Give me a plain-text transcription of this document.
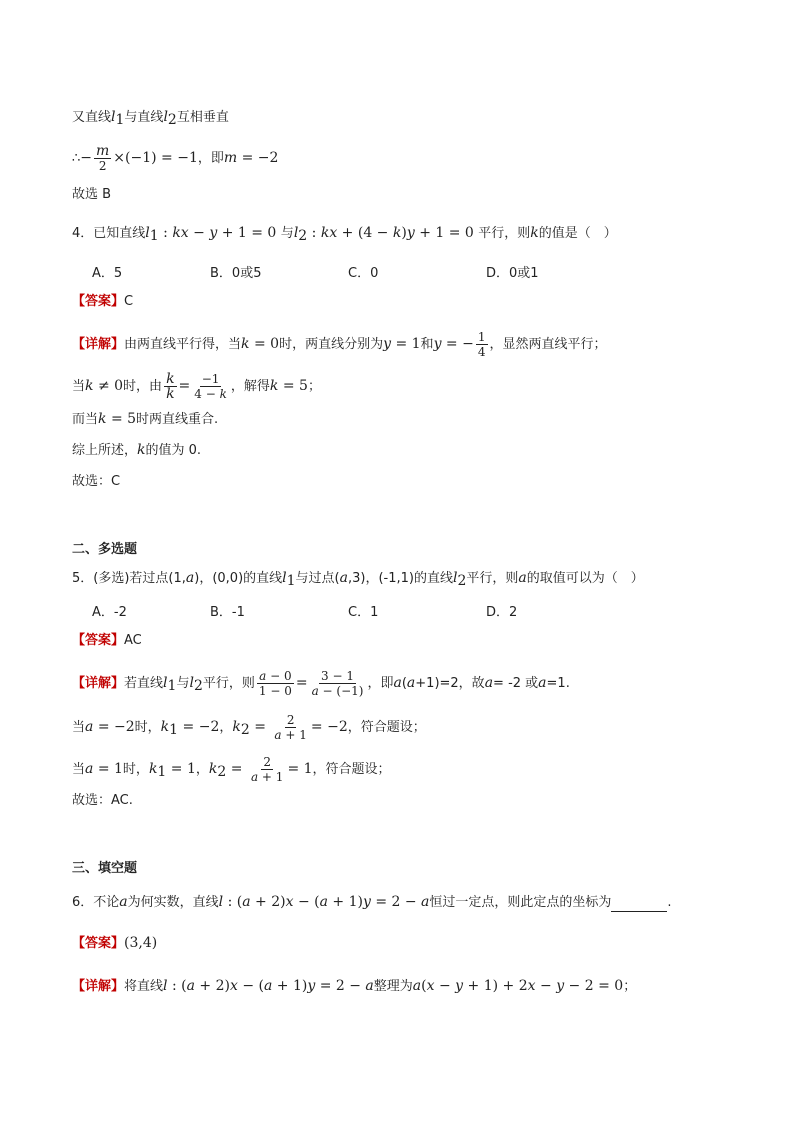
又直线$l_1$与直线$l_2$互相垂直
∴− $\frac{m}{2} \times(-1) = -1$，即m = −2
故选 B
4．已知直线$l_1$ : kx − y + 1 = 0 与$l_2$ : kx + (4 − k)y + 1 = 0 平行，则k的值是（　）
A．5	B．0或5	C．0	D．0或1
【答案】C
【详解】由两直线平行得，当k = 0时，两直线分别为y = 1和y = − $\frac{1}{4}$ ，显然两直线平行；
当k ≠ 0时，由 $\frac{k}{k} = \frac{-1}{4 - k}$ ，解得k = 5；
而当k = 5时两直线重合.
综上所述，k的值为 0.
故选：C
二、多选题
5．(多选)若过点(1,a)，(0,0)的直线$l_1$与过点(a,3)，(-1,1)的直线$l_2$平行，则a的取值可以为（　）
A．-2	B．-1	C．1	D．2
【答案】AC
【详解】若直线$l_1$与$l_2$平行，则 $\frac{a - 0}{1 - 0} = \frac{3 - 1}{a - (-1)}$ ，即a(a+1)=2，故a= -2 或a=1.
当a = −2时，$k_1 = -2$，$k_2 = \frac{2}{a + 1} = -2$，符合题设；
当a = 1时，$k_1 = 1$，$k_2 = \frac{2}{a + 1} = 1$，符合题设；
故选：AC.
三、填空题
6．不论a为何实数，直线l : (a + 2)x − (a + 1)y = 2 − a恒过一定点，则此定点的坐标为	.
【答案】(3,4)
【详解】将直线l : (a + 2)x − (a + 1)y = 2 − a整理为a(x − y + 1) + 2x − y − 2 = 0；
